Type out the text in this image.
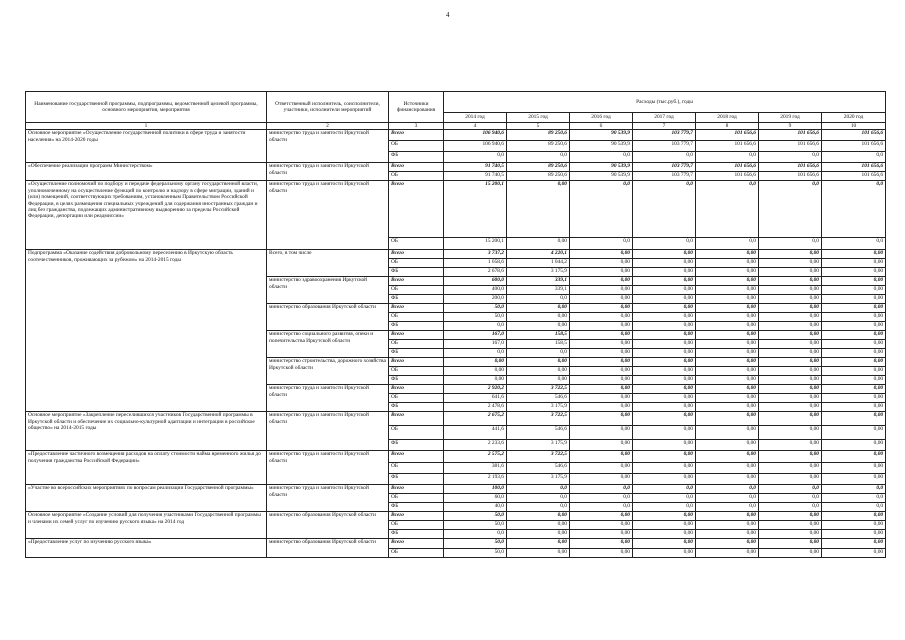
4
Наименование государственной программы, подпрограммы, ведомственной целевой программы, основного мероприятия, мероприятия	Ответственный исполнитель, соисполнители, участники, исполнители мероприятий	Источники финансирования	Расходы (тыс.руб.), годы						
			2014 год	2015 год	2016 год	2017 год	2018 год	2019 год	2020 год
1	2	3	4	5	6	7	8	9	10
Основное мероприятие «Осуществление государственной политики в сфере труда и занятости населения» на 2014-2020 годы	министерство труда и занятости Иркутской области	Всего	106 940,6	89 250,6	90 539,9	103 779,7	101 656,6	101 656,6	101 656,6
		ОБ	106 940,6	89 250,6	90 539,9	103 779,7	101 656,6	101 656,6	101 656,6
		ФБ	0,0	0,0	0,0	0,0	0,0	0,0	0,0
«Обеспечение реализации программ Министерством»	министерство труда и занятости Иркутской области	Всего	91 740,5	89 250,6	90 539,9	103 779,7	101 656,6	101 656,6	101 656,6
		ОБ	91 740,5	89 250,6	90 539,9	103 779,7	101 656,6	101 656,6	101 656,6
«Осуществление полномочий по подбору и передаче федеральному органу государственной власти, уполномоченному на осуществление функций по контролю и надзору в сфере миграции, зданий и (или) помещений, соответствующих требованиям, установленным Правительством Российской Федерации, в целях размещения специальных учреждений для содержания иностранных граждан и лиц без гражданства, подлежащих административному выдворению за пределы Российской Федерации, депортации или реадмиссии»	министерство труда и занятости Иркутской области	Всего	15 200,1	0,00	0,0	0,0	0,0	0,0	0,0
		ОБ	15 200,1	0,00	0,0	0,0	0,0	0,0	0,0
Подпрограмма «Оказание содействия добровольному переселению в Иркутскую область соотечественников, проживающих за рубежом» на 2014-2015 годы	Всего, в том числе	Всего	3 737,2	4 220,1	0,00	0,00	0,00	0,00	0,00
		ОБ	1 058,6	1 044,2	0,00	0,00	0,00	0,00	0,00
		ФБ	2 678,6	3 175,9	0,00	0,00	0,00	0,00	0,00
	министерство здравоохранения Иркутской области	Всего	600,0	339,1	0,00	0,00	0,00	0,00	0,00
		ОБ	400,0	339,1	0,00	0,00	0,00	0,00	0,00
		ФБ	200,0	0,0	0,00	0,00	0,00	0,00	0,00
	министерство образования Иркутской области	Всего	50,0	0,00	0,00	0,00	0,00	0,00	0,00
		ОБ	50,0	0,00	0,00	0,00	0,00	0,00	0,00
		ФБ	0,0	0,00	0,00	0,00	0,00	0,00	0,00
	министерство социального развития, опеки и попечительства Иркутской области	Всего	167,0	158,5	0,00	0,00	0,00	0,00	0,00
		ОБ	167,0	158,5	0,00	0,00	0,00	0,00	0,00
		ФБ	0,0	0,0	0,00	0,00	0,00	0,00	0,00
	министерство строительства, дорожного хозяйства Иркутской области	Всего	0,00	0,00	0,00	0,00	0,00	0,00	0,00
		ОБ	0,00	0,00	0,00	0,00	0,00	0,00	0,00
		ФБ	0,00	0,00	0,00	0,00	0,00	0,00	0,00
	министерство труда и занятости Иркутской области	Всего	2 920,2	3 722,5	0,00	0,00	0,00	0,00	0,00
		ОБ	641,6	546,6	0,00	0,00	0,00	0,00	0,00
		ФБ	2 478,6	3 175,9	0,00	0,00	0,00	0,00	0,00
Основное мероприятие «Закрепление переселившихся участников Государственной программы в Иркутской области и обеспечение их социально-культурной адаптации и интеграции в российское общество» на 2014-2015 годы	министерство труда и занятости Иркутской области	Всего	2 675,2	3 722,5	0,00	0,00	0,00	0,00	0,00
		ОБ	441,6	546,6	0,00	0,00	0,00	0,00	0,00
		ФБ	2 233,6	3 175,9	0,00	0,00	0,00	0,00	0,00
«Предоставление частичного возмещения расходов на оплату стоимости найма временного жилья до получения гражданства Российской Федерации»	министерство труда и занятости Иркутской области	Всего	2 575,2	3 722,5	0,00	0,00	0,00	0,00	0,00
		ОБ	381,6	546,6	0,00	0,00	0,00	0,00	0,00
		ФБ	2 193,6	3 175,9	0,00	0,00	0,00	0,00	0,00
«Участие во всероссийских мероприятиях по вопросам реализации Государственной программы»	министерство труда и занятости Иркутской области	Всего	100,0	0,0	0,0	0,0	0,0	0,0	0,0
		ОБ	60,0	0,0	0,0	0,0	0,0	0,0	0,0
		ФБ	40,0	0,0	0,0	0,0	0,0	0,0	0,0
Основное мероприятие «Создание условий для получения участниками Государственной программы и членами их семей услуг по изучению русского языка» на 2014 год	министерство образования Иркутской области	Всего	50,0	0,00	0,00	0,00	0,00	0,00	0,00
		ОБ	50,0	0,00	0,00	0,00	0,00	0,00	0,00
		ФБ	0,0	0,00	0,00	0,00	0,00	0,00	0,00
«Предоставление услуг по изучению русского языка»	министерство образования Иркутской области	Всего	50,0	0,00	0,00	0,00	0,00	0,00	0,00
		ОБ	50,0	0,00	0,00	0,00	0,00	0,00	0,00
